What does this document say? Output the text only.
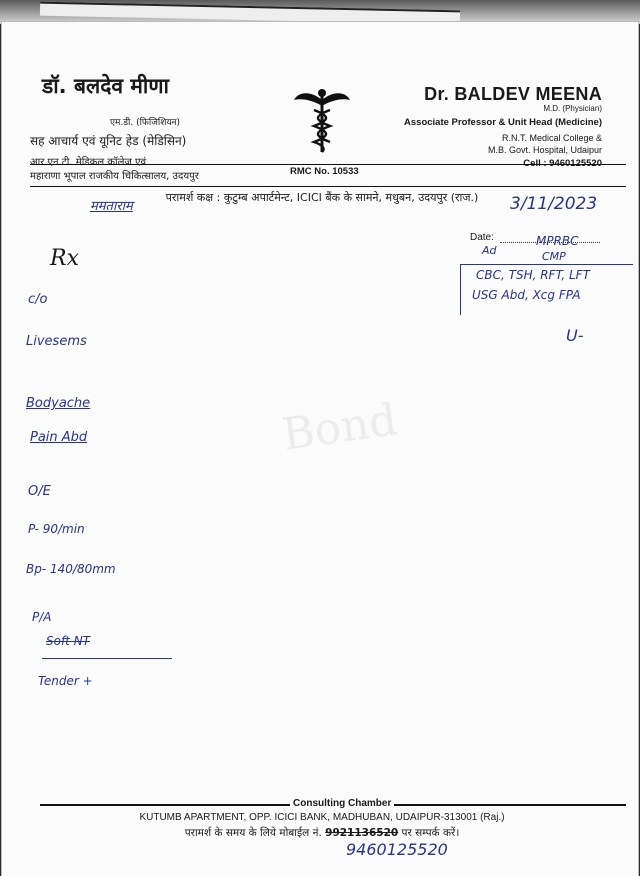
Bond
डॉ. बलदेव मीणा
एम.डी. (फिजिशियन)
सह आचार्य एवं यूनिट हेड (मेडिसिन)
आर.एन.टी. मेडिकल कॉलेज एवं
महाराणा भूपाल राजकीय चिकित्सालय, उदयपुर	RMC No. 10533
Dr. BALDEV MEENA
M.D. (Physician)
Associate Professor & Unit Head (Medicine)
R.N.T. Medical College &
M.B. Govt. Hospital, Udaipur
Cell : 9460125520
परामर्श कक्ष : कुटुम्ब अपार्टमेन्ट, ICICI बैंक के सामने, मधुबन, उदयपुर (राज.)
Date:
3/11/2023
Rx
ममताराम
Ad
MPRBC
CMP
CBC, TSH, RFT, LFT
USG Abd, Xcg FPA
U-
c/o
Livesems
Bodyache
Pain Abd
O/E
P- 90/min
Bp- 140/80mm
P/A
Soft NT
Tender +
Consulting Chamber
KUTUMB APARTMENT, OPP. ICICI BANK, MADHUBAN, UDAIPUR-313001 (Raj.)
परामर्श के समय के लिये मोबाईल नं. 9921136520 पर सम्पर्क करें।
9460125520
